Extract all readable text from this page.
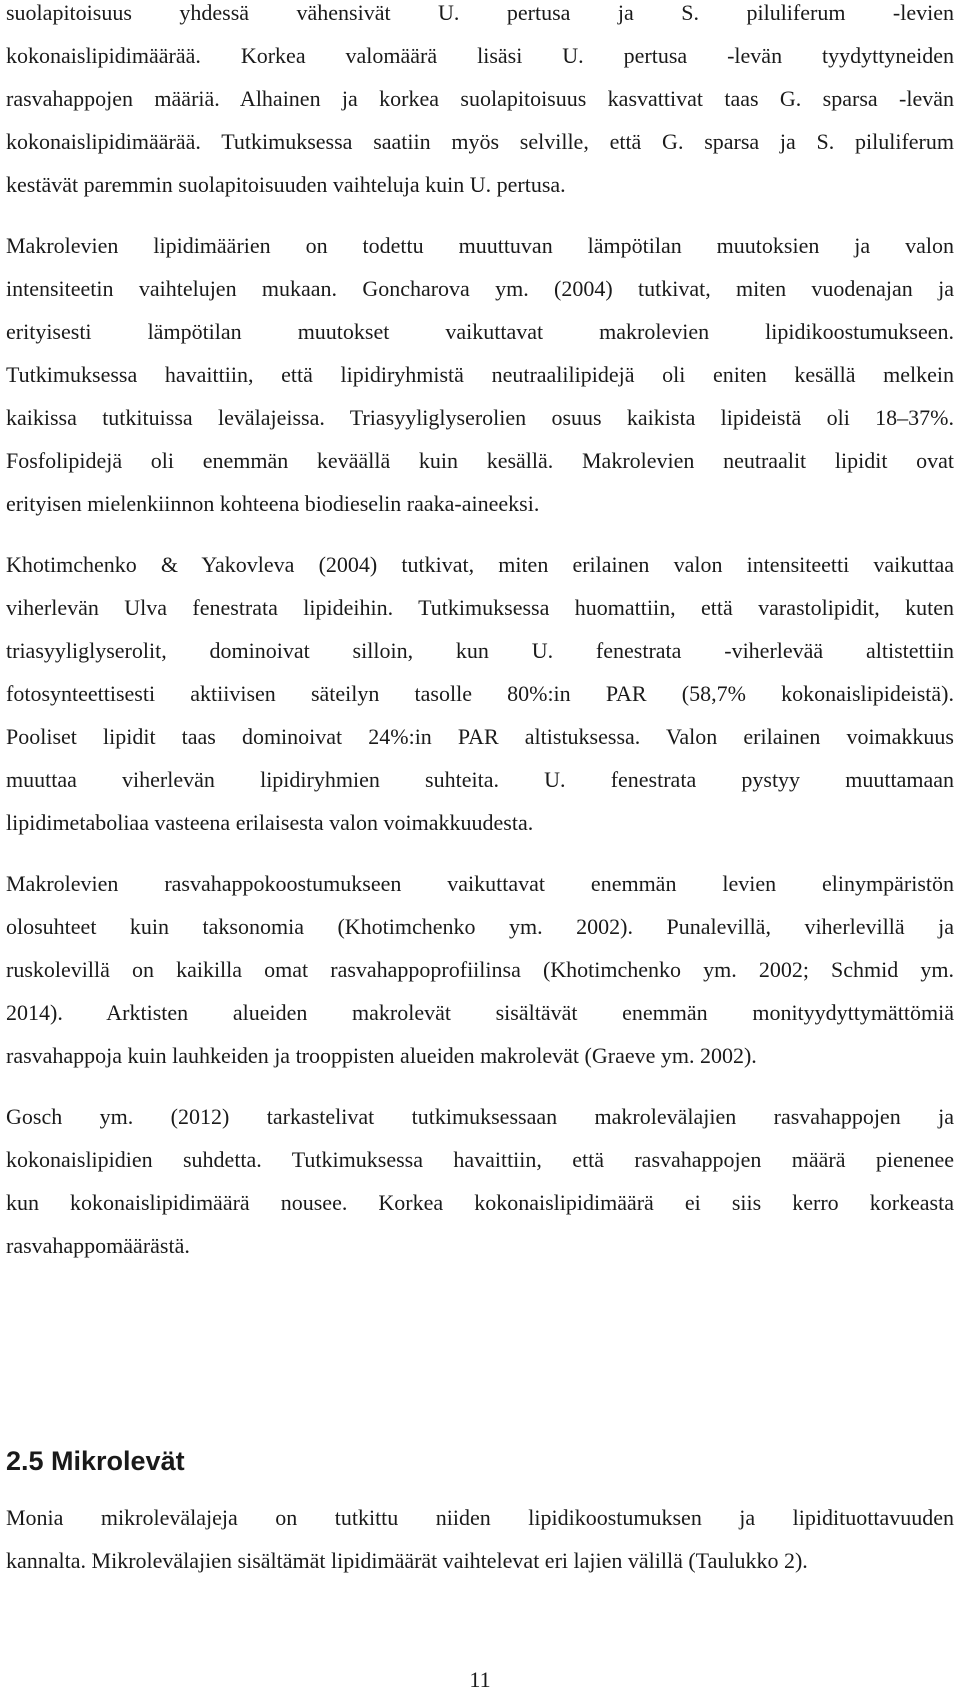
suolapitoisuus yhdessä vähensivät U. pertusa ja S. piluliferum -levien
kokonaislipidimäärää. Korkea valomäärä lisäsi U. pertusa -levän tyydyttyneiden
rasvahappojen määriä. Alhainen ja korkea suolapitoisuus kasvattivat taas G. sparsa -levän
kokonaislipidimäärää. Tutkimuksessa saatiin myös selville, että G. sparsa ja S. piluliferum
kestävät paremmin suolapitoisuuden vaihteluja kuin U. pertusa.
Makrolevien lipidimäärien on todettu muuttuvan lämpötilan muutoksien ja valon
intensiteetin vaihtelujen mukaan. Goncharova ym. (2004) tutkivat, miten vuodenajan ja
erityisesti lämpötilan muutokset vaikuttavat makrolevien lipidikoostumukseen.
Tutkimuksessa havaittiin, että lipidiryhmistä neutraalilipidejä oli eniten kesällä melkein
kaikissa tutkituissa levälajeissa. Triasyyliglyserolien osuus kaikista lipideistä oli 18–37%.
Fosfolipidejä oli enemmän keväällä kuin kesällä. Makrolevien neutraalit lipidit ovat
erityisen mielenkiinnon kohteena biodieselin raaka-aineeksi.
Khotimchenko & Yakovleva (2004) tutkivat, miten erilainen valon intensiteetti vaikuttaa
viherlevän Ulva fenestrata lipideihin. Tutkimuksessa huomattiin, että varastolipidit, kuten
triasyyliglyserolit, dominoivat silloin, kun U. fenestrata -viherlevää altistettiin
fotosynteettisesti aktiivisen säteilyn tasolle 80%:in PAR (58,7% kokonaislipideistä).
Pooliset lipidit taas dominoivat 24%:in PAR altistuksessa. Valon erilainen voimakkuus
muuttaa viherlevän lipidiryhmien suhteita. U. fenestrata pystyy muuttamaan
lipidimetaboliaa vasteena erilaisesta valon voimakkuudesta.
Makrolevien rasvahappokoostumukseen vaikuttavat enemmän levien elinympäristön
olosuhteet kuin taksonomia (Khotimchenko ym. 2002). Punalevillä, viherlevillä ja
ruskolevillä on kaikilla omat rasvahappoprofiilinsa (Khotimchenko ym. 2002; Schmid ym.
2014). Arktisten alueiden makrolevät sisältävät enemmän monityydyttymättömiä
rasvahappoja kuin lauhkeiden ja trooppisten alueiden makrolevät (Graeve ym. 2002).
Gosch ym. (2012) tarkastelivat tutkimuksessaan makrolevälajien rasvahappojen ja
kokonaislipidien suhdetta. Tutkimuksessa havaittiin, että rasvahappojen määrä pienenee
kun kokonaislipidimäärä nousee. Korkea kokonaislipidimäärä ei siis kerro korkeasta
rasvahappomäärästä.
2.5 Mikrolevät
Monia mikrolevälajeja on tutkittu niiden lipidikoostumuksen ja lipidituottavuuden
kannalta. Mikrolevälajien sisältämät lipidimäärät vaihtelevat eri lajien välillä (Taulukko 2).
11
